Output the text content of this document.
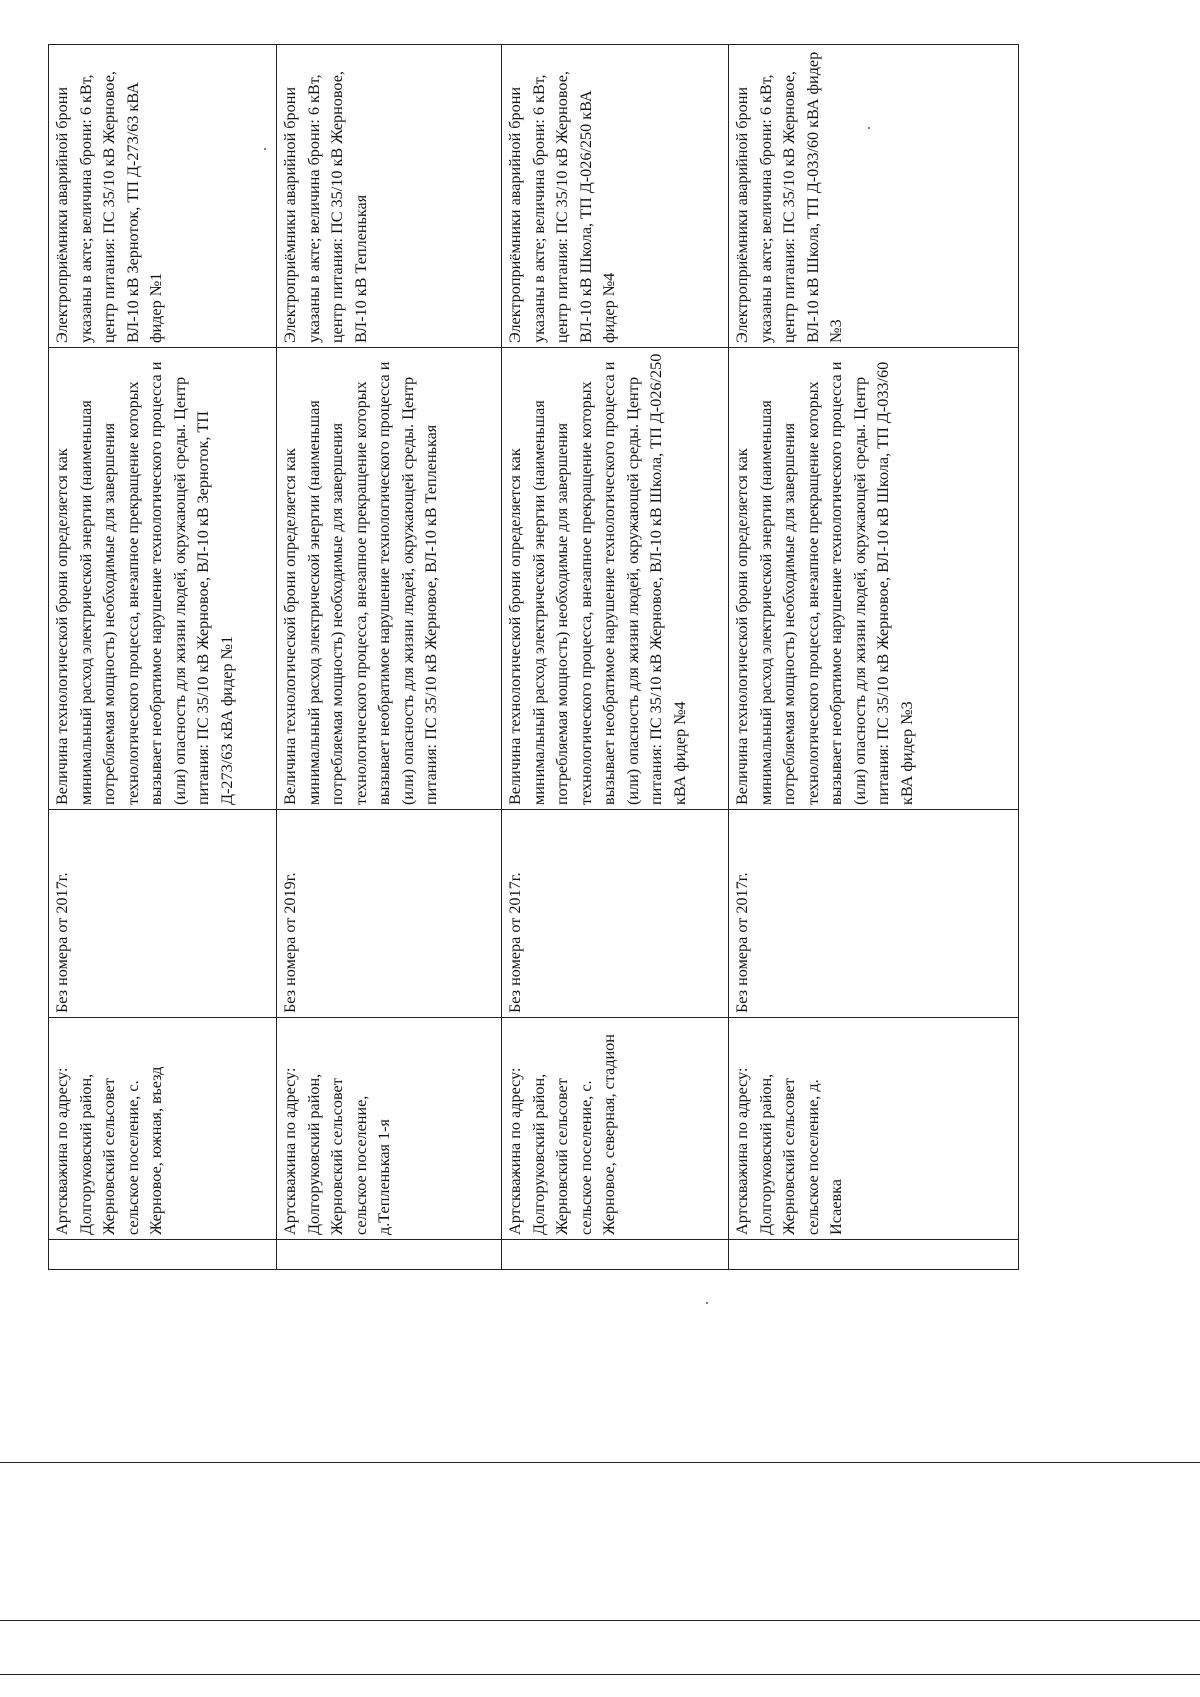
	Артскважина по адресу: Долгоруковский район, Жерновский сельсовет сельское поселение, с. Жерновое, южная, въезд	Без номера от 2017г.	Величина технологической брони определяется как минимальный расход электрической энергии (наименьшая потребляемая мощность) необходимые для завершения технологического процесса, внезапное прекращение которых вызывает необратимое нарушение технологического процесса и (или) опасность для жизни людей, окружающей среды. Центр питания: ПС 35/10 кВ Жерновое, ВЛ-10 кВ Зерноток, ТП Д-273/63 кВА фидер №1	Электроприёмники аварийной брони указаны в акте; величина брони: 6 кВт, центр питания: ПС 35/10 кВ Жерновое, ВЛ-10 кВ Зерноток, ТП Д-273/63 кВА фидер №1
	Артскважина по адресу: Долгоруковский район, Жерновский сельсовет сельское поселение, д.Тепленькая 1-я	Без номера от 2019г.	Величина технологической брони определяется как минимальный расход электрической энергии (наименьшая потребляемая мощность) необходимые для завершения технологического процесса, внезапное прекращение которых вызывает необратимое нарушение технологического процесса и (или) опасность для жизни людей, окружающей среды. Центр питания: ПС 35/10 кВ Жерновое, ВЛ-10 кВ Тепленькая	Электроприёмники аварийной брони указаны в акте; величина брони: 6 кВт, центр питания: ПС 35/10 кВ Жерновое, ВЛ-10 кВ Тепленькая
	Артскважина по адресу: Долгоруковский район, Жерновский сельсовет сельское поселение, с. Жерновое, северная, стадион	Без номера от 2017г.	Величина технологической брони определяется как минимальный расход электрической энергии (наименьшая потребляемая мощность) необходимые для завершения технологического процесса, внезапное прекращение которых вызывает необратимое нарушение технологического процесса и (или) опасность для жизни людей, окружающей среды. Центр питания: ПС 35/10 кВ Жерновое, ВЛ-10 кВ Школа, ТП Д-026/250 кВА фидер №4	Электроприёмники аварийной брони указаны в акте; величина брони: 6 кВт, центр питания: ПС 35/10 кВ Жерновое, ВЛ-10 кВ Школа, ТП Д-026/250 кВА фидер №4
	Артскважина по адресу: Долгоруковский район, Жерновский сельсовет сельское поселение, д. Исаевка	Без номера от 2017г.	Величина технологической брони определяется как минимальный расход электрической энергии (наименьшая потребляемая мощность) необходимые для завершения технологического процесса, внезапное прекращение которых вызывает необратимое нарушение технологического процесса и (или) опасность для жизни людей, окружающей среды. Центр питания: ПС 35/10 кВ Жерновое, ВЛ-10 кВ Школа, ТП Д-033/60 кВА фидер №3	Электроприёмники аварийной брони указаны в акте; величина брони: 6 кВт, центр питания: ПС 35/10 кВ Жерновое, ВЛ-10 кВ Школа, ТП Д-033/60 кВА фидер №3
